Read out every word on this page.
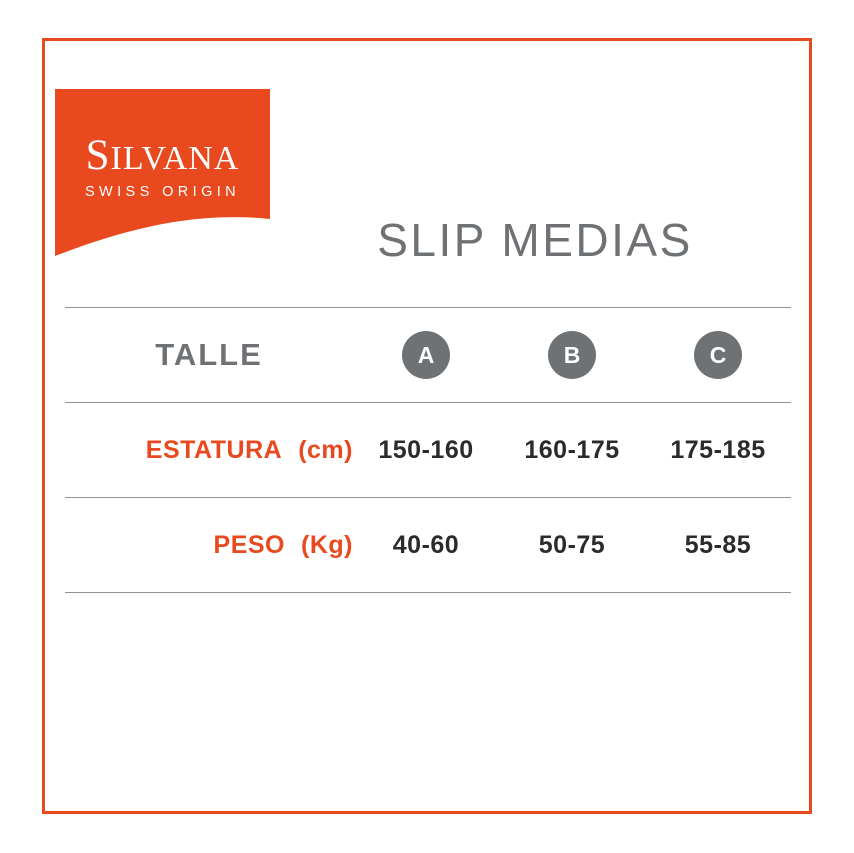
SILVANA
SWISS ORIGIN
SLIP MEDIAS
TALLE	A	B	C
ESTATURA (cm)	150-160	160-175	175-185
PESO (Kg)	40-60	50-75	55-85
